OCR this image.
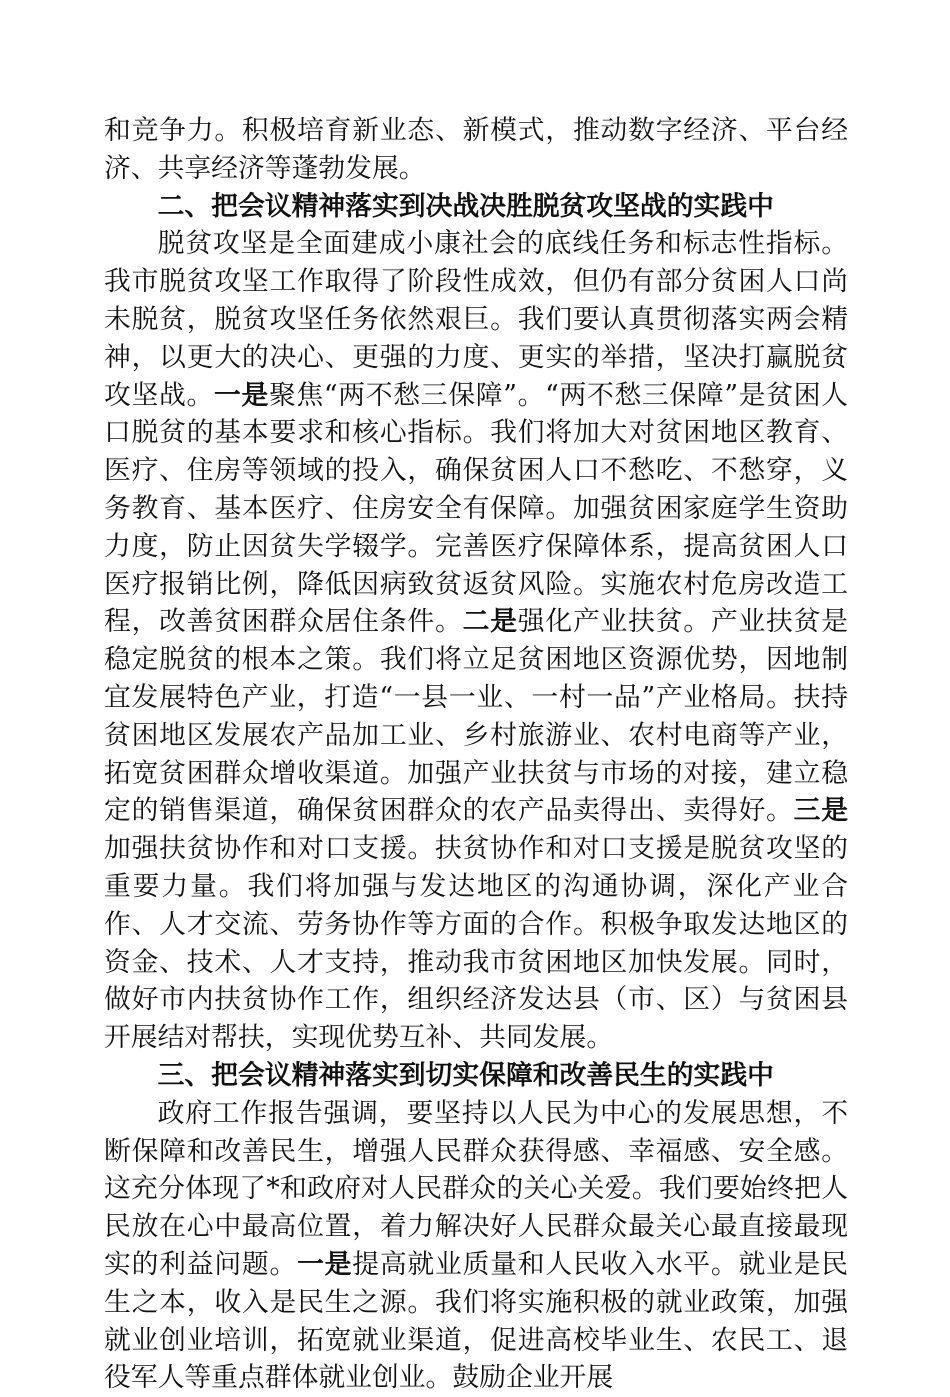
和竞争力。积极培育新业态、新模式，推动数字经济、平台经济、共享经济等蓬勃发展。

二、把会议精神落实到决战决胜脱贫攻坚战的实践中

脱贫攻坚是全面建成小康社会的底线任务和标志性指标。我市脱贫攻坚工作取得了阶段性成效，但仍有部分贫困人口尚未脱贫，脱贫攻坚任务依然艰巨。我们要认真贯彻落实两会精神，以更大的决心、更强的力度、更实的举措，坚决打赢脱贫攻坚战。一是聚焦“两不愁三保障”。“两不愁三保障”是贫困人口脱贫的基本要求和核心指标。我们将加大对贫困地区教育、医疗、住房等领域的投入，确保贫困人口不愁吃、不愁穿，义务教育、基本医疗、住房安全有保障。加强贫困家庭学生资助力度，防止因贫失学辍学。完善医疗保障体系，提高贫困人口医疗报销比例，降低因病致贫返贫风险。实施农村危房改造工程，改善贫困群众居住条件。二是强化产业扶贫。产业扶贫是稳定脱贫的根本之策。我们将立足贫困地区资源优势，因地制宜发展特色产业，打造“一县一业、一村一品”产业格局。扶持贫困地区发展农产品加工业、乡村旅游业、农村电商等产业，拓宽贫困群众增收渠道。加强产业扶贫与市场的对接，建立稳定的销售渠道，确保贫困群众的农产品卖得出、卖得好。三是加强扶贫协作和对口支援。扶贫协作和对口支援是脱贫攻坚的重要力量。我们将加强与发达地区的沟通协调，深化产业合作、人才交流、劳务协作等方面的合作。积极争取发达地区的资金、技术、人才支持，推动我市贫困地区加快发展。同时，做好市内扶贫协作工作，组织经济发达县（市、区）与贫困县开展结对帮扶，实现优势互补、共同发展。

三、把会议精神落实到切实保障和改善民生的实践中

政府工作报告强调，要坚持以人民为中心的发展思想，不断保障和改善民生，增强人民群众获得感、幸福感、安全感。这充分体现了*和政府对人民群众的关心关爱。我们要始终把人民放在心中最高位置，着力解决好人民群众最关心最直接最现实的利益问题。一是提高就业质量和人民收入水平。就业是民生之本，收入是民生之源。我们将实施积极的就业政策，加强就业创业培训，拓宽就业渠道，促进高校毕业生、农民工、退役军人等重点群体就业创业。鼓励企业开展
